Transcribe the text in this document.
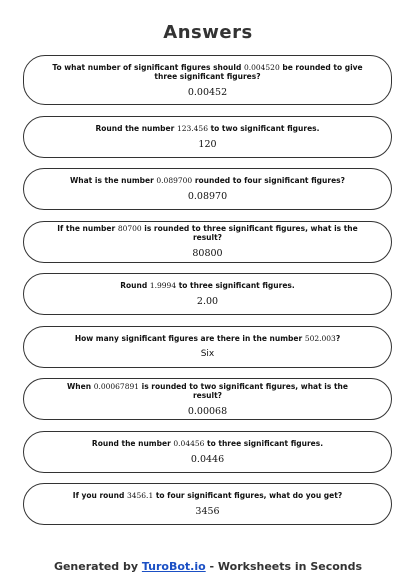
Answers
To what number of significant figures should 0.004520 be rounded to give three significant figures?
0.00452
Round the number 123.456 to two significant figures.
120
What is the number 0.089700 rounded to four significant figures?
0.08970
If the number 80700 is rounded to three significant figures, what is the result?
80800
Round 1.9994 to three significant figures.
2.00
How many significant figures are there in the number 502.003?
Six
When 0.00067891 is rounded to two significant figures, what is the result?
0.00068
Round the number 0.04456 to three significant figures.
0.0446
If you round 3456.1 to four significant figures, what do you get?
3456
Generated by TuroBot.io - Worksheets in Seconds
